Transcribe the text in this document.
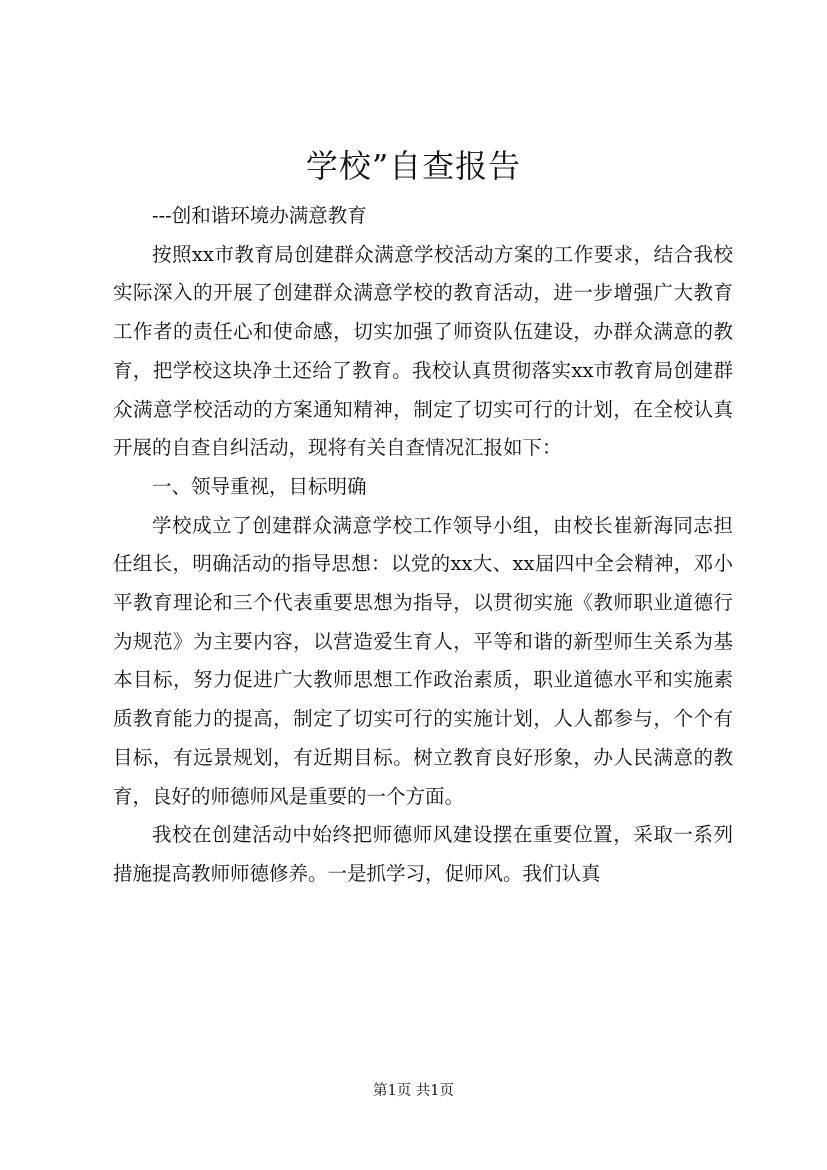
学校”自查报告

---创和谐环境办满意教育

按照xx市教育局创建群众满意学校活动方案的工作要求，结合我校实际深入的开展了创建群众满意学校的教育活动，进一步增强广大教育工作者的责任心和使命感，切实加强了师资队伍建设，办群众满意的教育，把学校这块净土还给了教育。我校认真贯彻落实xx市教育局创建群众满意学校活动的方案通知精神，制定了切实可行的计划，在全校认真开展的自查自纠活动，现将有关自查情况汇报如下：

一、领导重视，目标明确

学校成立了创建群众满意学校工作领导小组，由校长崔新海同志担任组长，明确活动的指导思想：以党的xx大、xx届四中全会精神，邓小平教育理论和三个代表重要思想为指导，以贯彻实施《教师职业道德行为规范》为主要内容，以营造爱生育人，平等和谐的新型师生关系为基本目标，努力促进广大教师思想工作政治素质，职业道德水平和实施素质教育能力的提高，制定了切实可行的实施计划，人人都参与，个个有目标，有远景规划，有近期目标。树立教育良好形象，办人民满意的教育，良好的师德师风是重要的一个方面。

我校在创建活动中始终把师德师风建设摆在重要位置，采取一系列措施提高教师师德修养。一是抓学习，促师风。我们认真

第1页 共1页
